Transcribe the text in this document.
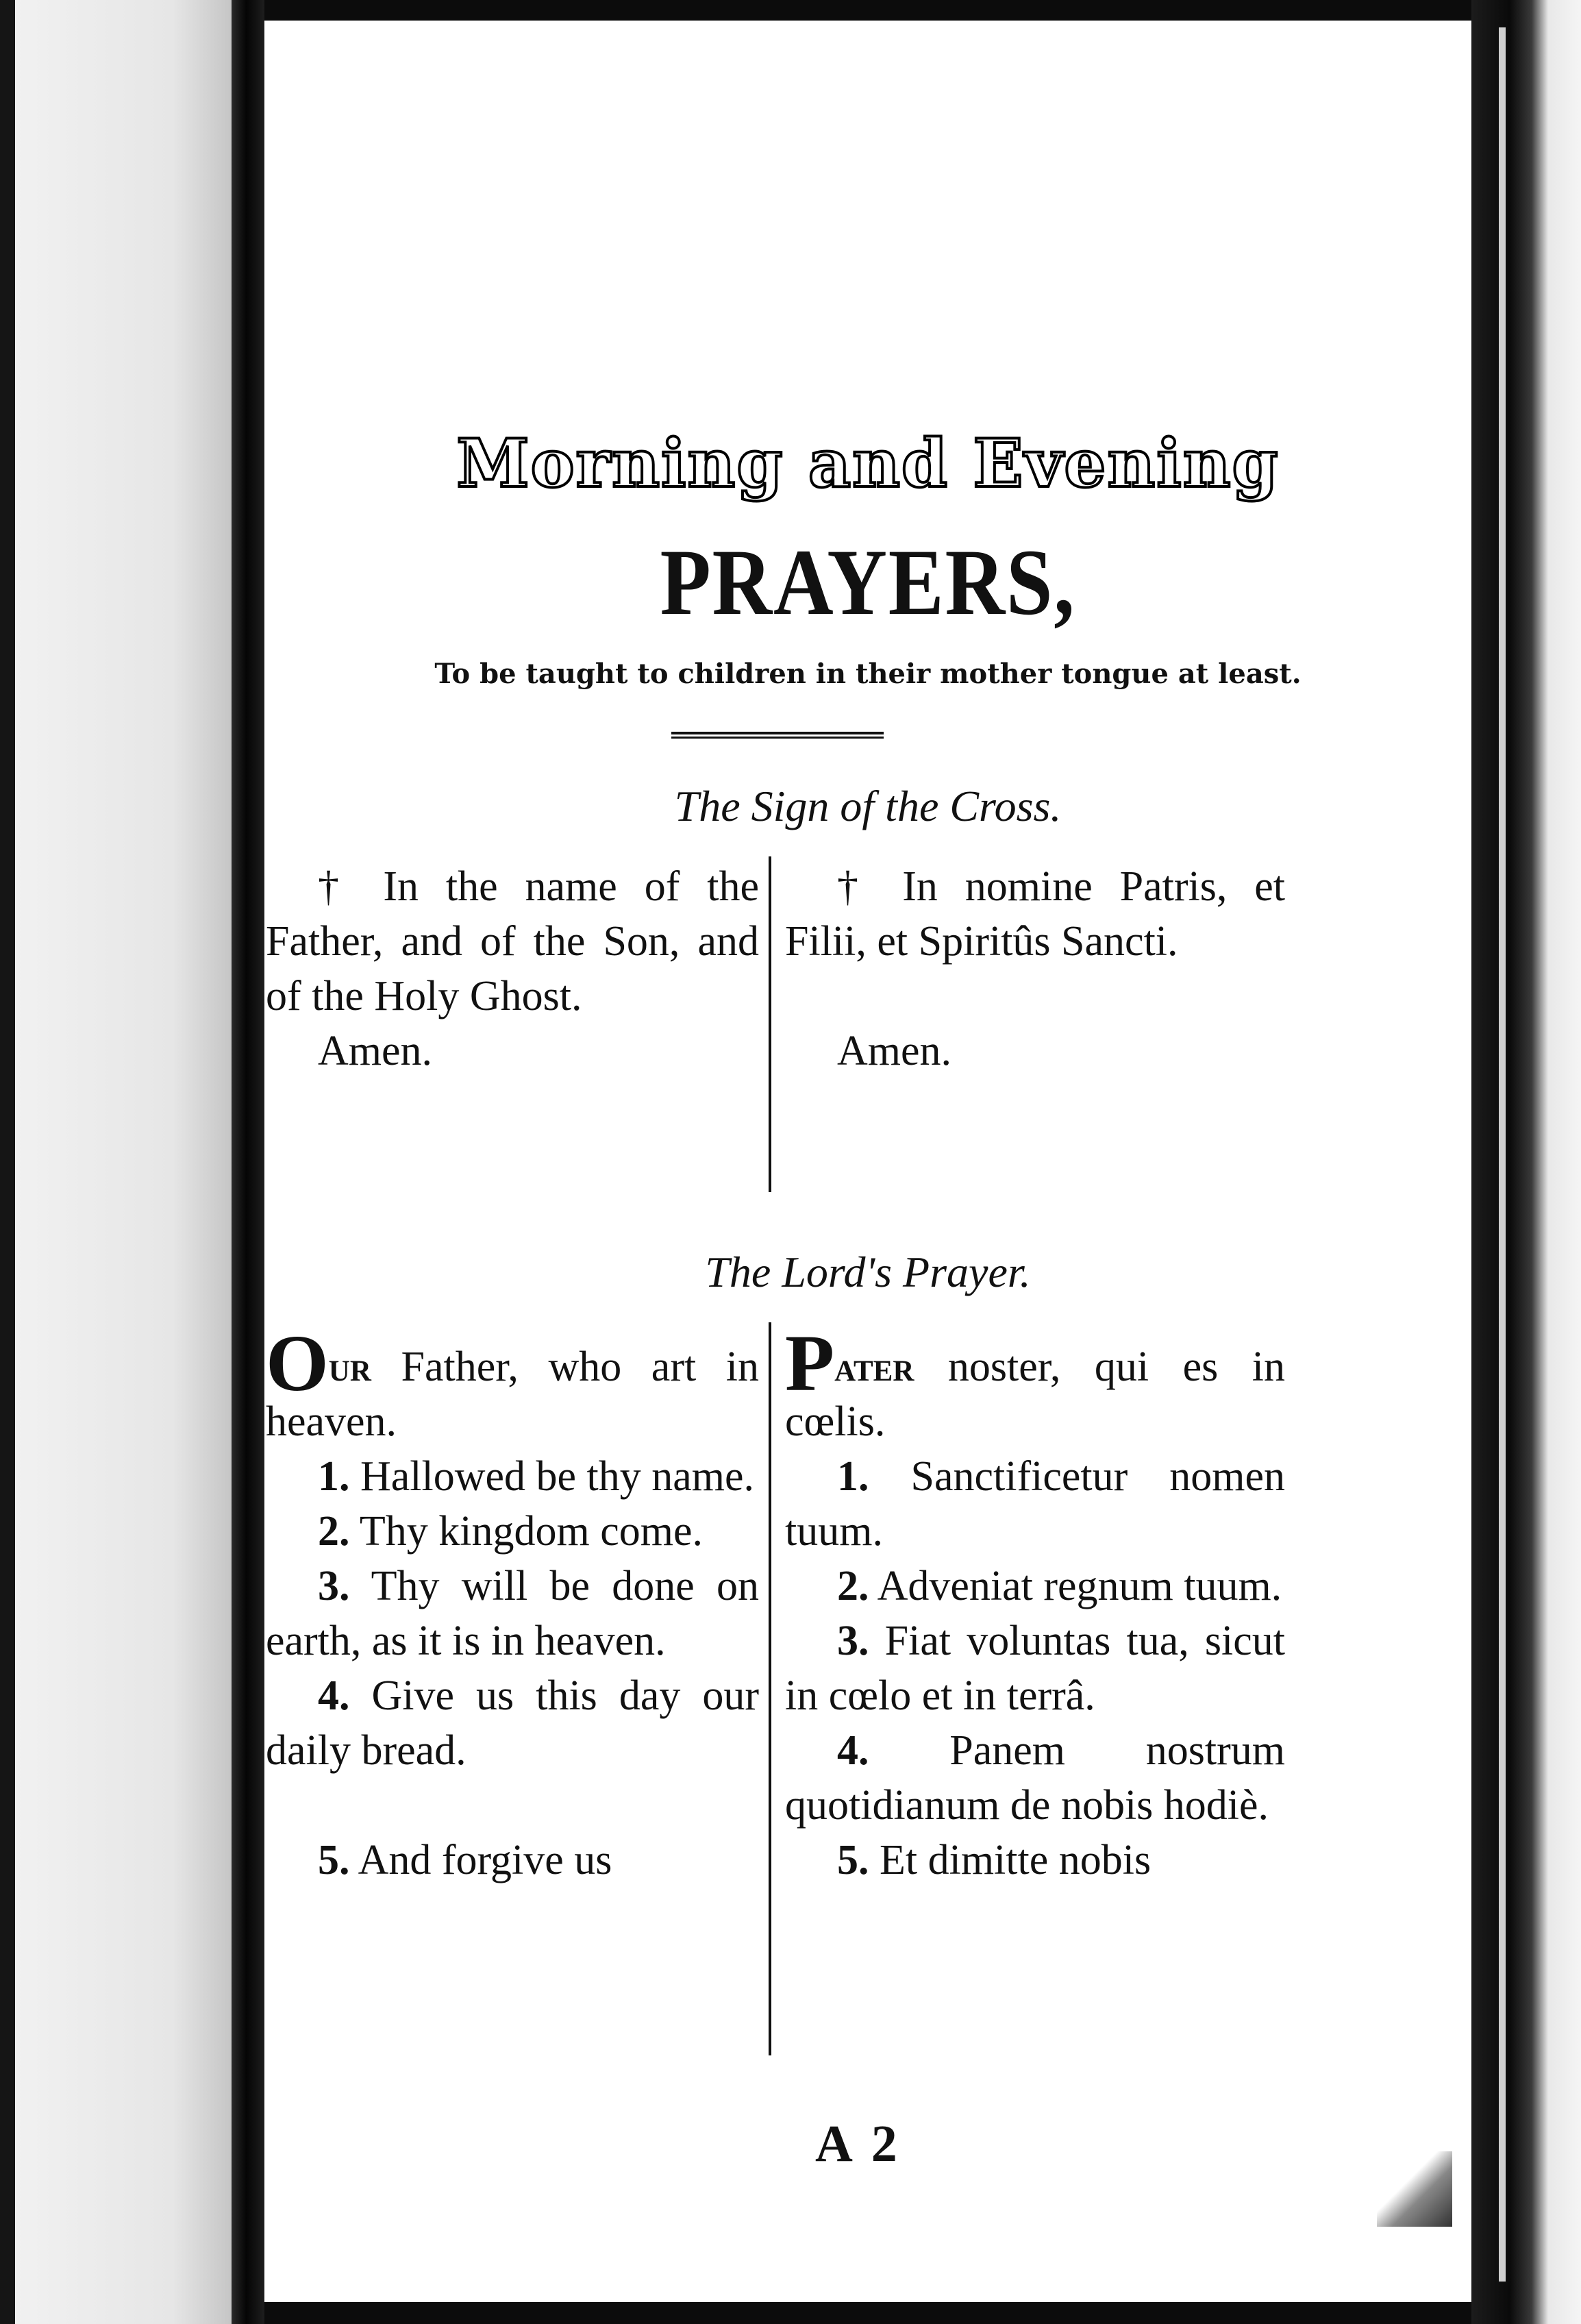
Morning and Evening
PRAYERS,
To be taught to children in their mother tongue at least.
The Sign of the Cross.
† In the name of the Father, and of the Son, and of the Holy Ghost.
Amen.
† In nomine Patris, et Filii, et Spiritûs Sancti.
Amen.
The Lord's Prayer.
Our Father, who art in heaven.
1. Hallowed be thy name.
2. Thy kingdom come.
3. Thy will be done on earth, as it is in heaven.
4. Give us this day our daily bread.
5. And forgive us
Pater noster, qui es in cœlis.
1. Sanctificetur nomen tuum.
2. Adveniat regnum tuum.
3. Fiat voluntas tua, sicut in cœlo et in terrâ.
4. Panem nostrum quotidianum de nobis hodiè.
5. Et dimitte nobis
A 2
